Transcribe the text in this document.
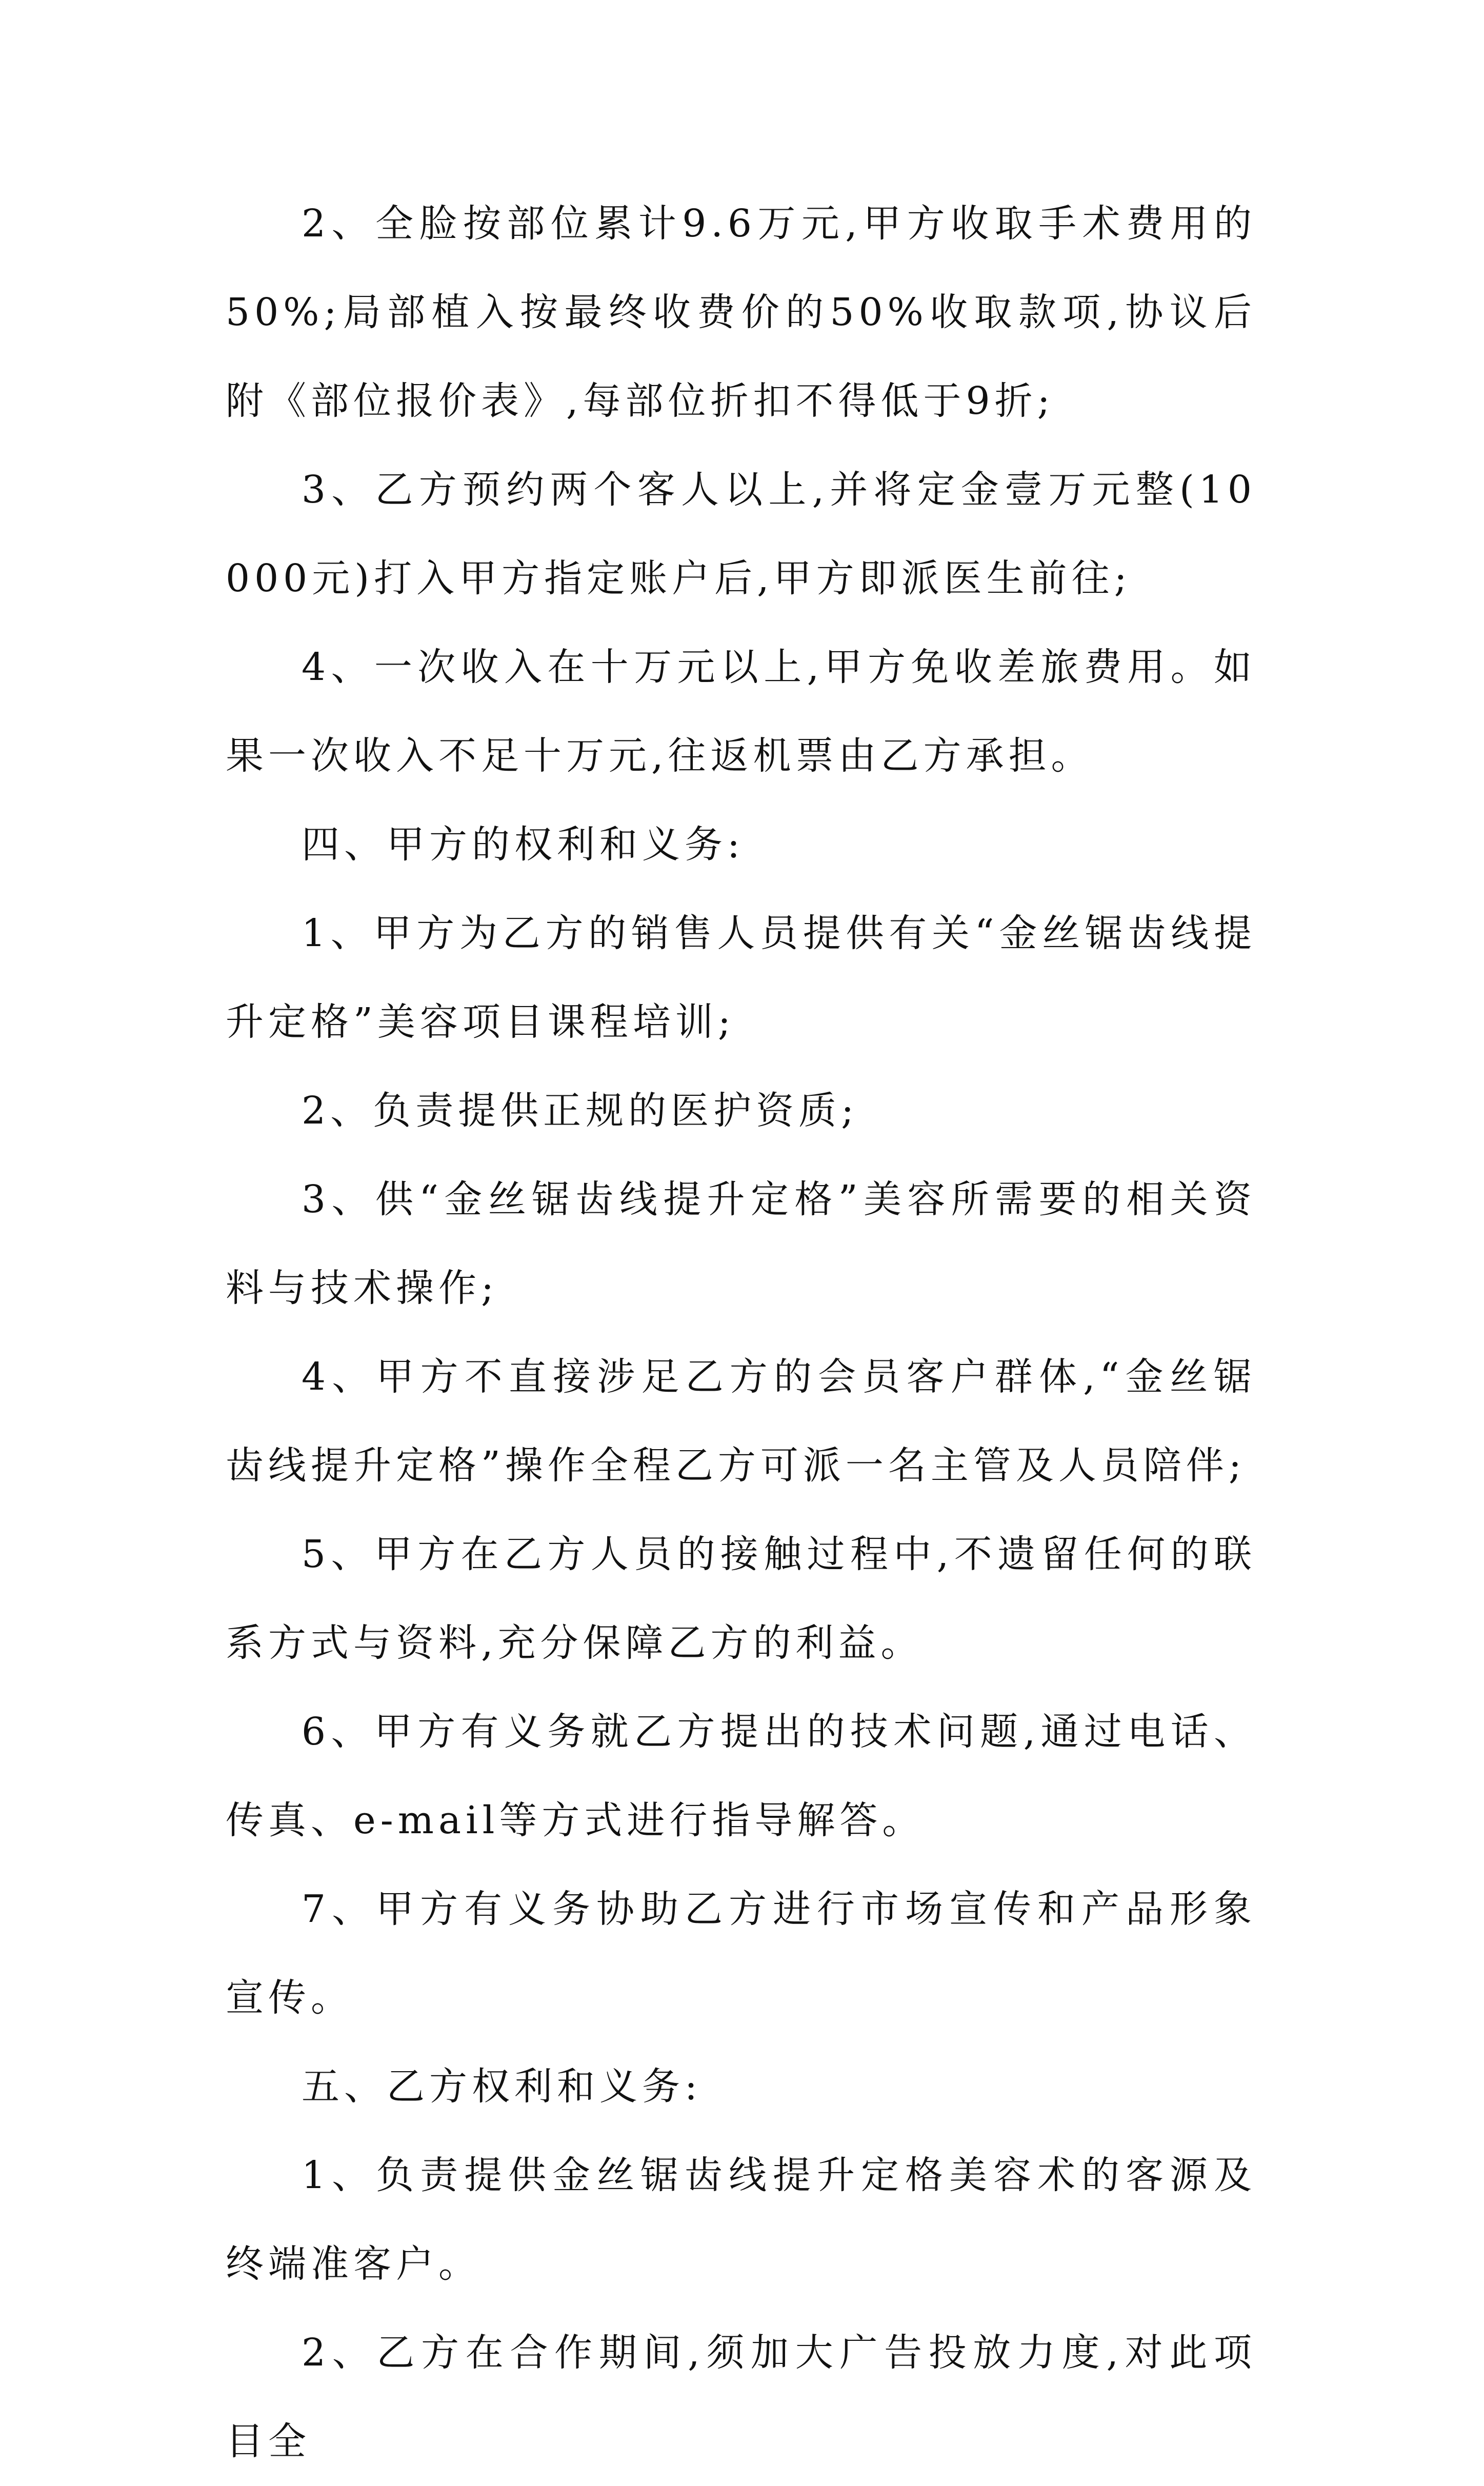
2、全脸按部位累计9.6万元,甲方收取手术费用的50%;局部植入按最终收费价的50%收取款项,协议后附《部位报价表》,每部位折扣不得低于9折;

3、乙方预约两个客人以上,并将定金壹万元整(10000元)打入甲方指定账户后,甲方即派医生前往;

4、一次收入在十万元以上,甲方免收差旅费用。如果一次收入不足十万元,往返机票由乙方承担。

四、甲方的权利和义务:

1、甲方为乙方的销售人员提供有关“金丝锯齿线提升定格”美容项目课程培训;

2、负责提供正规的医护资质;

3、供“金丝锯齿线提升定格”美容所需要的相关资料与技术操作;

4、甲方不直接涉足乙方的会员客户群体,“金丝锯齿线提升定格”操作全程乙方可派一名主管及人员陪伴;

5、甲方在乙方人员的接触过程中,不遗留任何的联系方式与资料,充分保障乙方的利益。

6、甲方有义务就乙方提出的技术问题,通过电话、传真、e-mail等方式进行指导解答。

7、甲方有义务协助乙方进行市场宣传和产品形象宣传。

五、乙方权利和义务:

1、负责提供金丝锯齿线提升定格美容术的客源及终端准客户。

2、乙方在合作期间,须加大广告投放力度,对此项目全
